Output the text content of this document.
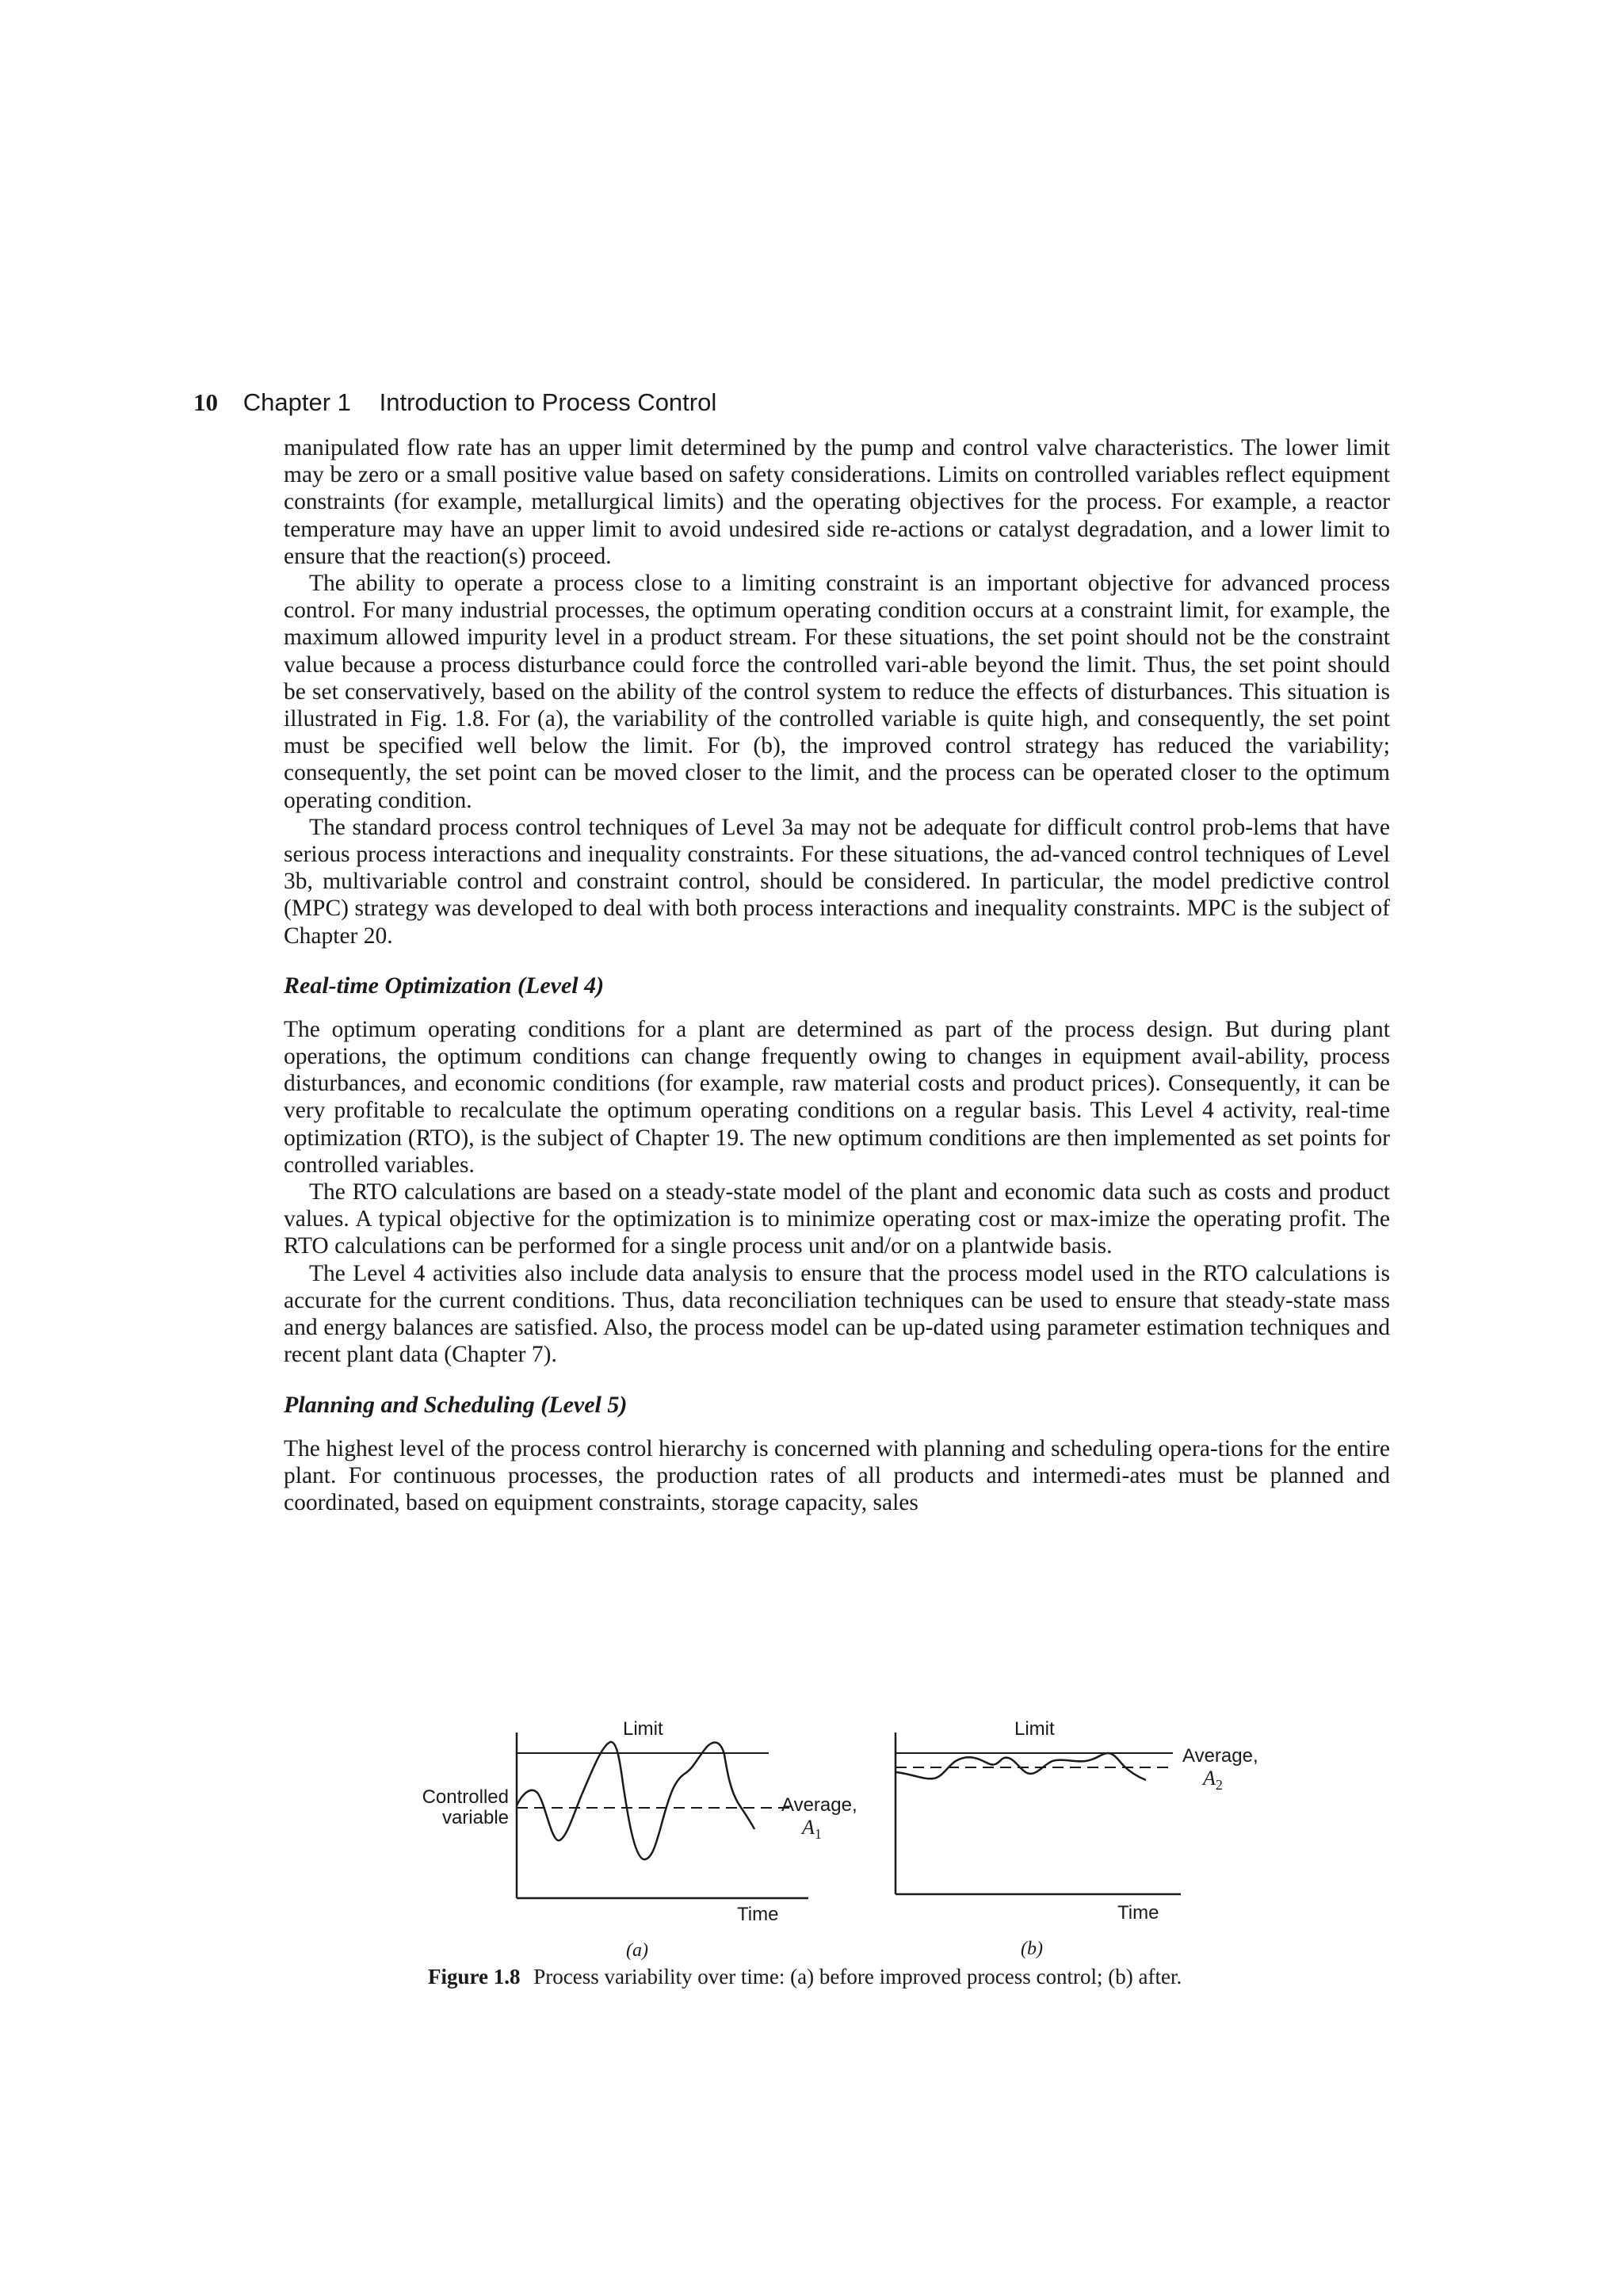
10 Chapter 1 Introduction to Process Control

manipulated flow rate has an upper limit determined by the pump and control valve characteristics. The lower limit may be zero or a small positive value based on safety considerations. Limits on controlled variables reflect equipment constraints (for example, metallurgical limits) and the operating objectives for the process. For example, a reactor temperature may have an upper limit to avoid undesired side re-actions or catalyst degradation, and a lower limit to ensure that the reaction(s) proceed.

The ability to operate a process close to a limiting constraint is an important objective for advanced process control. For many industrial processes, the optimum operating condition occurs at a constraint limit, for example, the maximum allowed impurity level in a product stream. For these situations, the set point should not be the constraint value because a process disturbance could force the controlled vari-able beyond the limit. Thus, the set point should be set conservatively, based on the ability of the control system to reduce the effects of disturbances. This situation is illustrated in Fig. 1.8. For (a), the variability of the controlled variable is quite high, and consequently, the set point must be specified well below the limit. For (b), the improved control strategy has reduced the variability; consequently, the set point can be moved closer to the limit, and the process can be operated closer to the optimum operating condition.

The standard process control techniques of Level 3a may not be adequate for difficult control prob-lems that have serious process interactions and inequality constraints. For these situations, the ad-vanced control techniques of Level 3b, multivariable control and constraint control, should be considered. In particular, the model predictive control (MPC) strategy was developed to deal with both process interactions and inequality constraints. MPC is the subject of Chapter 20.

Real-time Optimization (Level 4)

The optimum operating conditions for a plant are determined as part of the process design. But during plant operations, the optimum conditions can change frequently owing to changes in equipment avail-ability, process disturbances, and economic conditions (for example, raw material costs and product prices). Consequently, it can be very profitable to recalculate the optimum operating conditions on a regular basis. This Level 4 activity, real-time optimization (RTO), is the subject of Chapter 19. The new optimum conditions are then implemented as set points for controlled variables.

The RTO calculations are based on a steady-state model of the plant and economic data such as costs and product values. A typical objective for the optimization is to minimize operating cost or max-imize the operating profit. The RTO calculations can be performed for a single process unit and/or on a plantwide basis.

The Level 4 activities also include data analysis to ensure that the process model used in the RTO calculations is accurate for the current conditions. Thus, data reconciliation techniques can be used to ensure that steady-state mass and energy balances are satisfied. Also, the process model can be up-dated using parameter estimation techniques and recent plant data (Chapter 7).

Planning and Scheduling (Level 5)

The highest level of the process control hierarchy is concerned with planning and scheduling opera-tions for the entire plant. For continuous processes, the production rates of all products and intermedi-ates must be planned and coordinated, based on equipment constraints, storage capacity, sales

Limit
Controlled
variable
Average,
$A_1$
Time
(a)
Limit
Average,
$A_2$
Time
(b)
Figure 1.8 Process variability over time: (a) before improved process control; (b) after.
